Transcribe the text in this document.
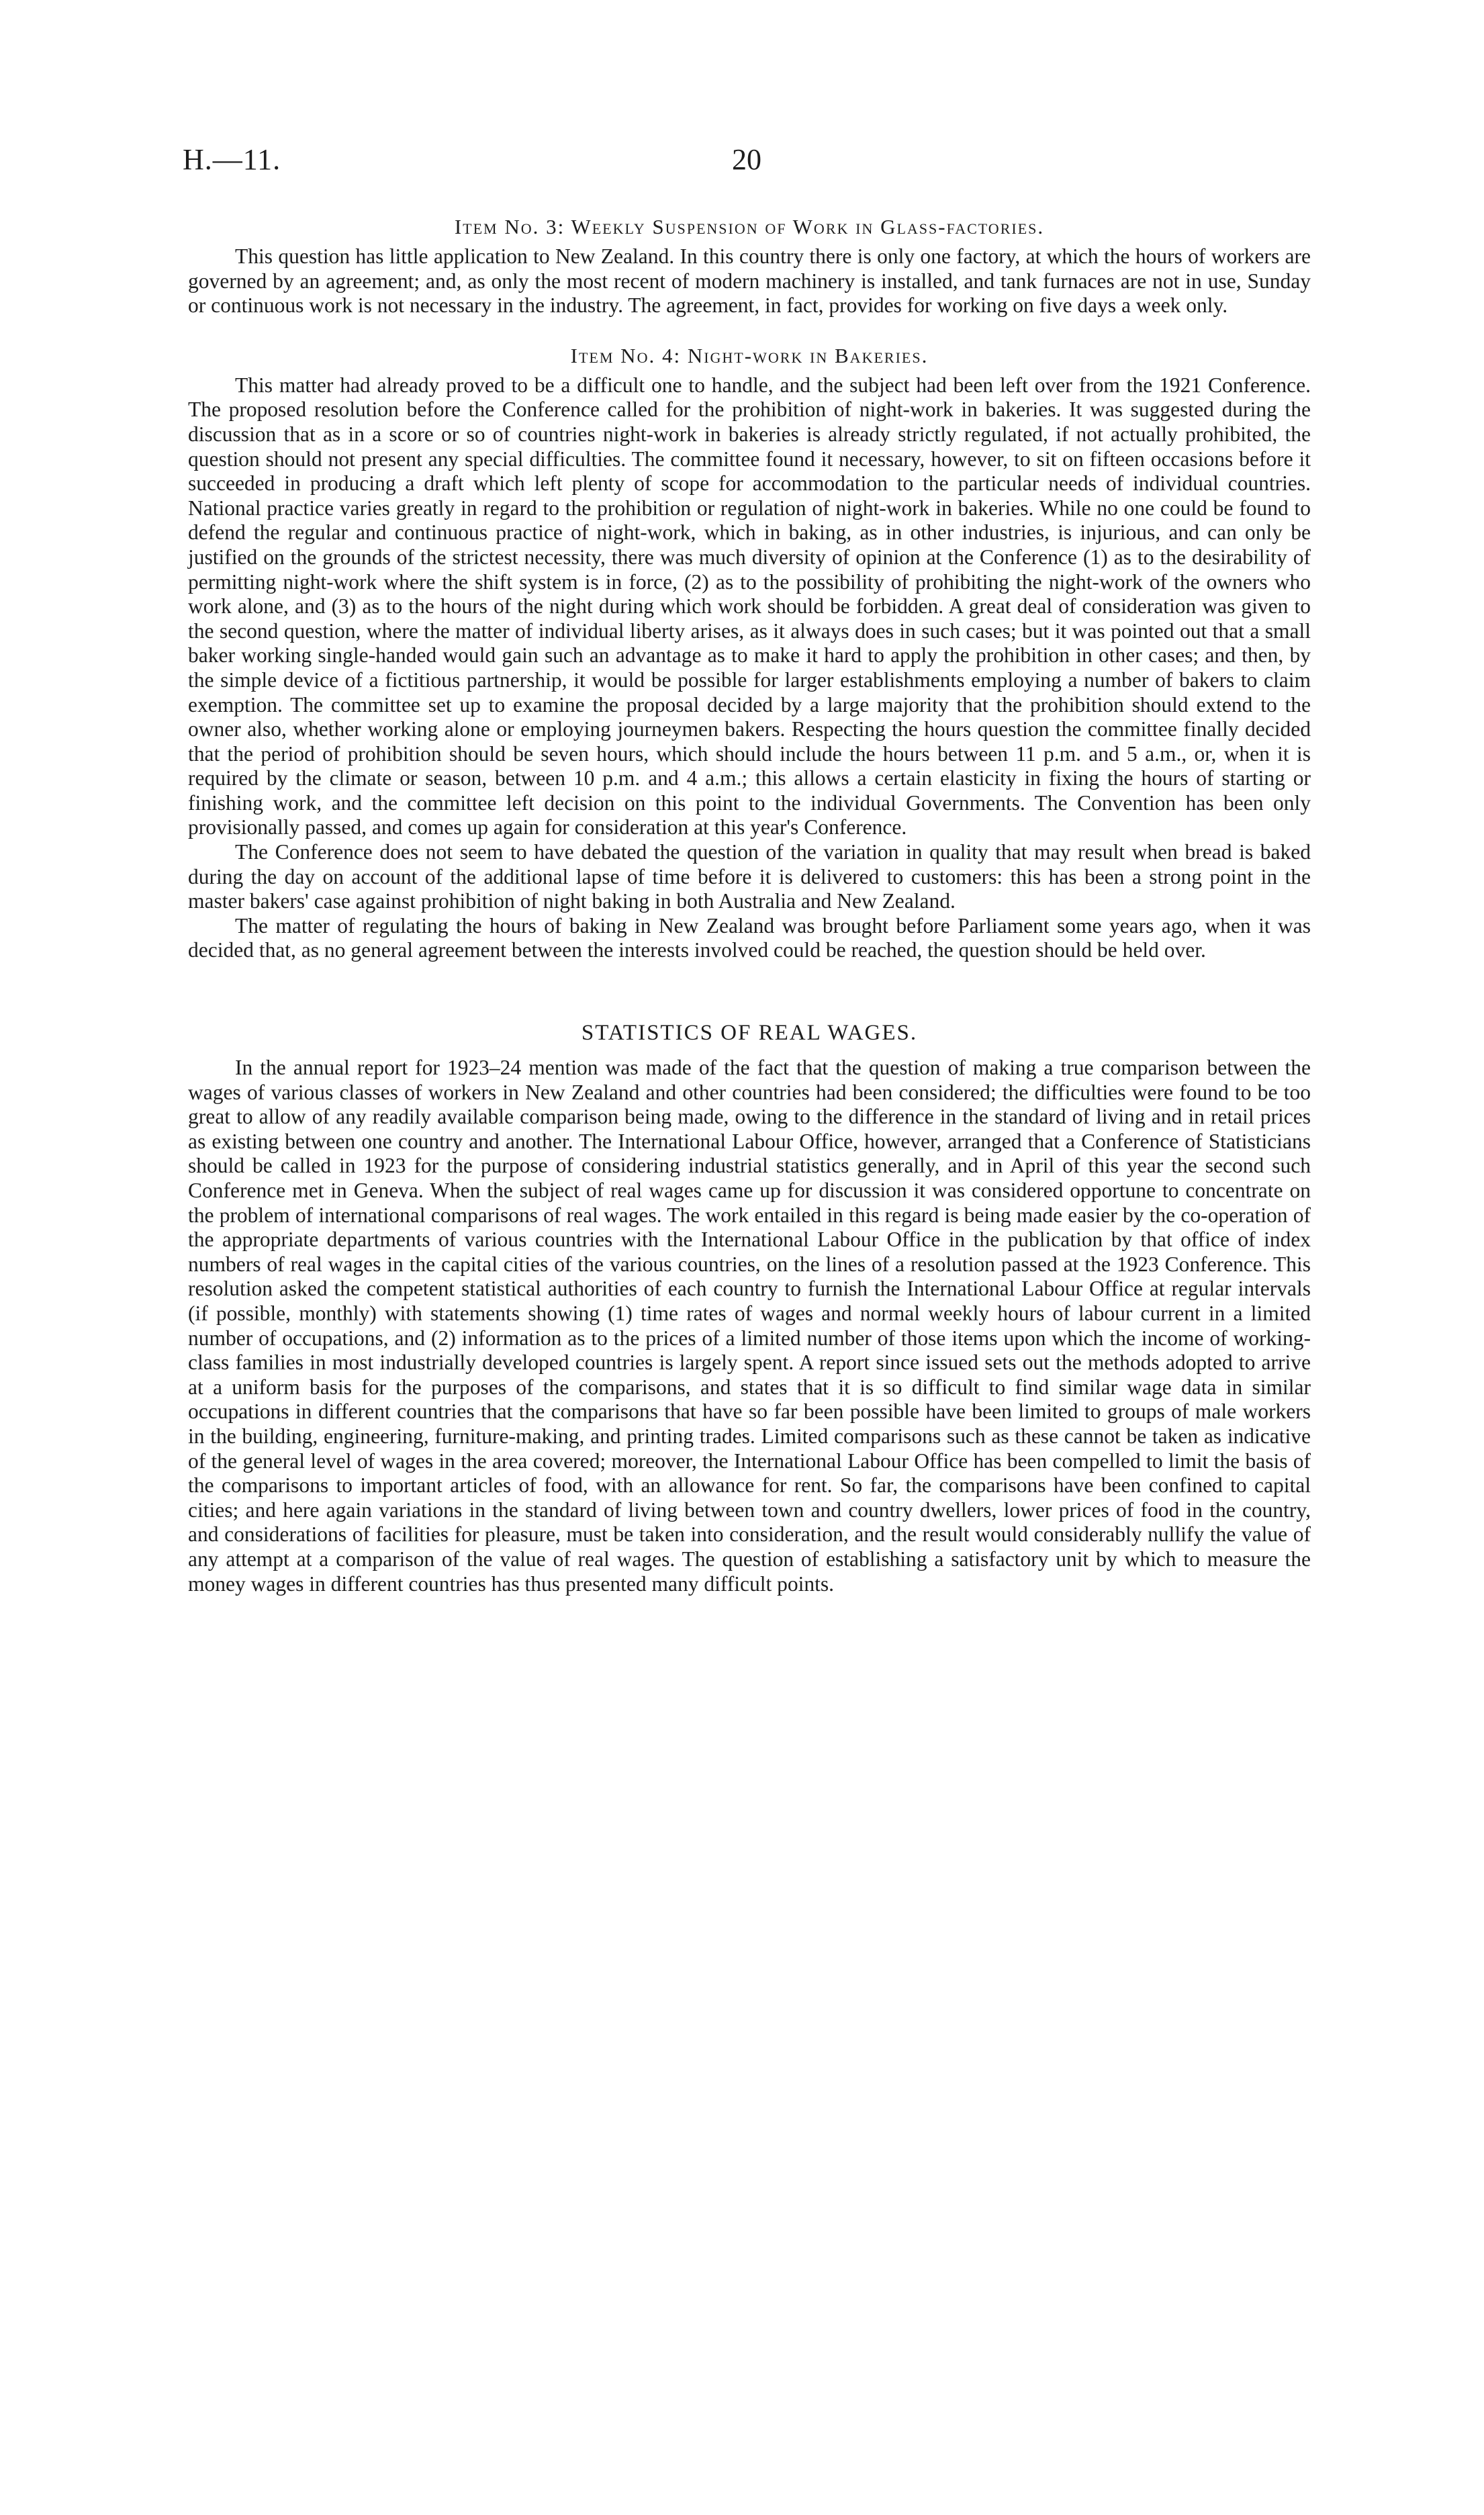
H.—11.	20
Item No. 3: Weekly Suspension of Work in Glass-factories.

This question has little application to New Zealand. In this country there is only one factory, at which the hours of workers are governed by an agreement; and, as only the most recent of modern machinery is installed, and tank furnaces are not in use, Sunday or continuous work is not necessary in the industry. The agreement, in fact, provides for working on five days a week only.

Item No. 4: Night-work in Bakeries.

This matter had already proved to be a difficult one to handle, and the subject had been left over from the 1921 Conference. The proposed resolution before the Conference called for the prohibition of night-work in bakeries. It was suggested during the discussion that as in a score or so of countries night-work in bakeries is already strictly regulated, if not actually prohibited, the question should not present any special difficulties. The committee found it necessary, however, to sit on fifteen occasions before it succeeded in producing a draft which left plenty of scope for accommodation to the particular needs of individual countries. National practice varies greatly in regard to the prohibition or regulation of night-work in bakeries. While no one could be found to defend the regular and continuous practice of night-work, which in baking, as in other industries, is injurious, and can only be justified on the grounds of the strictest necessity, there was much diversity of opinion at the Conference (1) as to the desirability of permitting night-work where the shift system is in force, (2) as to the possibility of prohibiting the night-work of the owners who work alone, and (3) as to the hours of the night during which work should be forbidden. A great deal of consideration was given to the second question, where the matter of individual liberty arises, as it always does in such cases; but it was pointed out that a small baker working single-handed would gain such an advantage as to make it hard to apply the prohibition in other cases; and then, by the simple device of a fictitious partnership, it would be possible for larger establishments employing a number of bakers to claim exemption. The committee set up to examine the proposal decided by a large majority that the prohibition should extend to the owner also, whether working alone or employing journeymen bakers. Respecting the hours question the committee finally decided that the period of prohibition should be seven hours, which should include the hours between 11 p.m. and 5 a.m., or, when it is required by the climate or season, between 10 p.m. and 4 a.m.; this allows a certain elasticity in fixing the hours of starting or finishing work, and the committee left decision on this point to the individual Governments. The Convention has been only provisionally passed, and comes up again for consideration at this year's Conference.

The Conference does not seem to have debated the question of the variation in quality that may result when bread is baked during the day on account of the additional lapse of time before it is delivered to customers: this has been a strong point in the master bakers' case against prohibition of night baking in both Australia and New Zealand.

The matter of regulating the hours of baking in New Zealand was brought before Parliament some years ago, when it was decided that, as no general agreement between the interests involved could be reached, the question should be held over.

STATISTICS OF REAL WAGES.

In the annual report for 1923–24 mention was made of the fact that the question of making a true comparison between the wages of various classes of workers in New Zealand and other countries had been considered; the difficulties were found to be too great to allow of any readily available comparison being made, owing to the difference in the standard of living and in retail prices as existing between one country and another. The International Labour Office, however, arranged that a Conference of Statisticians should be called in 1923 for the purpose of considering industrial statistics generally, and in April of this year the second such Conference met in Geneva. When the subject of real wages came up for discussion it was considered opportune to concentrate on the problem of international comparisons of real wages. The work entailed in this regard is being made easier by the co-operation of the appropriate departments of various countries with the International Labour Office in the publication by that office of index numbers of real wages in the capital cities of the various countries, on the lines of a resolution passed at the 1923 Conference. This resolution asked the competent statistical authorities of each country to furnish the International Labour Office at regular intervals (if possible, monthly) with statements showing (1) time rates of wages and normal weekly hours of labour current in a limited number of occupations, and (2) information as to the prices of a limited number of those items upon which the income of working-class families in most industrially developed countries is largely spent. A report since issued sets out the methods adopted to arrive at a uniform basis for the purposes of the comparisons, and states that it is so difficult to find similar wage data in similar occupations in different countries that the comparisons that have so far been possible have been limited to groups of male workers in the building, engineering, furniture-making, and printing trades. Limited comparisons such as these cannot be taken as indicative of the general level of wages in the area covered; moreover, the International Labour Office has been compelled to limit the basis of the comparisons to important articles of food, with an allowance for rent. So far, the comparisons have been confined to capital cities; and here again variations in the standard of living between town and country dwellers, lower prices of food in the country, and considerations of facilities for pleasure, must be taken into consideration, and the result would considerably nullify the value of any attempt at a comparison of the value of real wages. The question of establishing a satisfactory unit by which to measure the money wages in different countries has thus presented many difficult points.
